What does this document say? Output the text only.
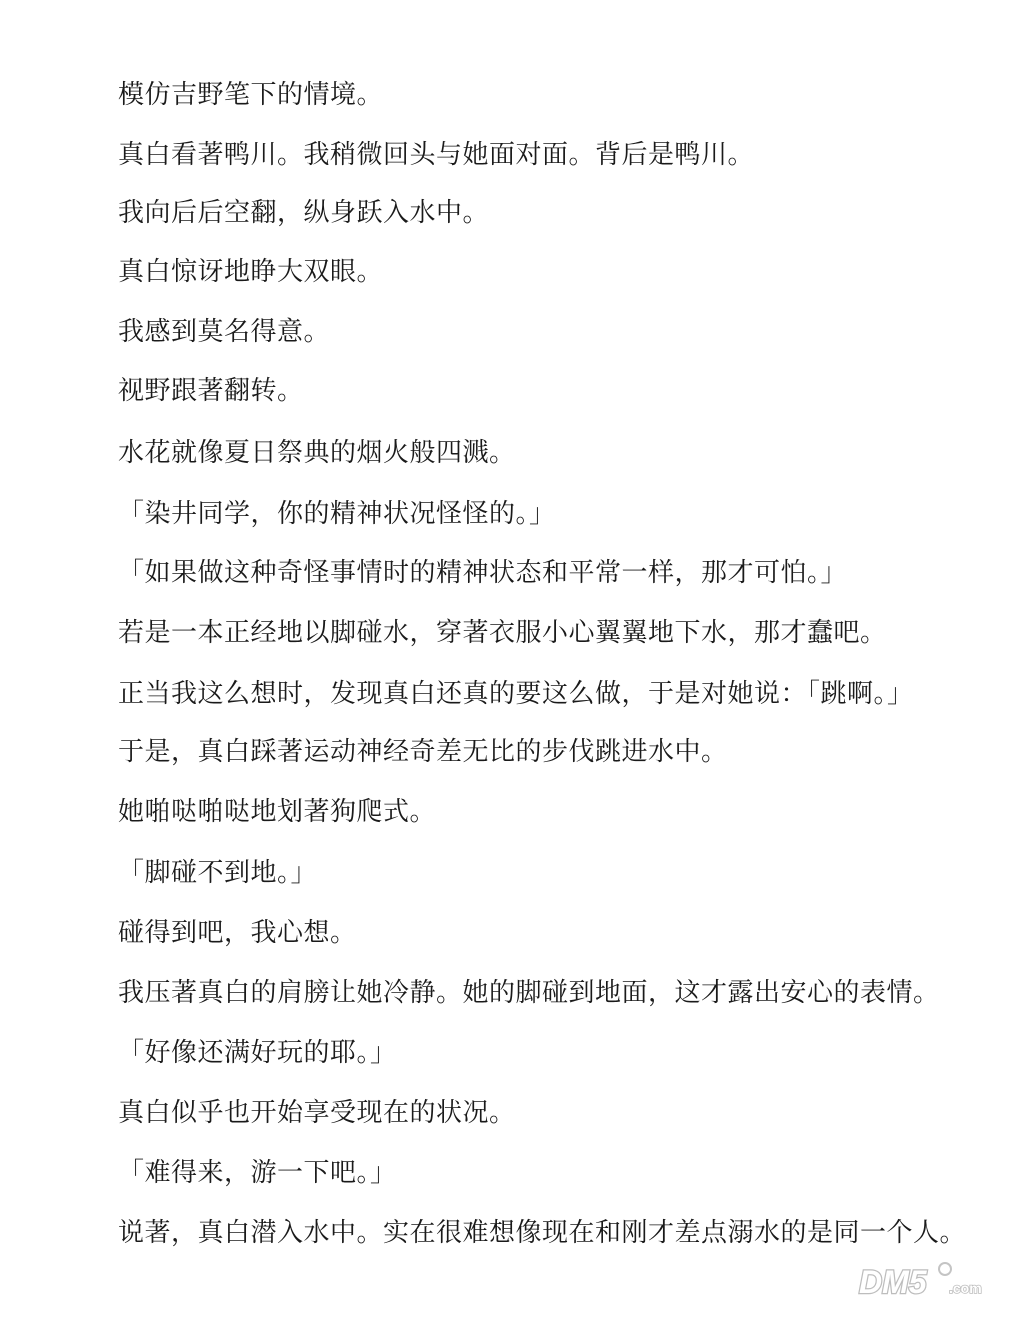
模仿吉野笔下的情境。

真白看著鸭川。我稍微回头与她面对面。背后是鸭川。

我向后后空翻，纵身跃入水中。

真白惊讶地睁大双眼。

我感到莫名得意。

视野跟著翻转。

水花就像夏日祭典的烟火般四溅。

「染井同学，你的精神状况怪怪的。」

「如果做这种奇怪事情时的精神状态和平常一样，那才可怕。」

若是一本正经地以脚碰水，穿著衣服小心翼翼地下水，那才蠢吧。

正当我这么想时，发现真白还真的要这么做，于是对她说：「跳啊。」

于是，真白踩著运动神经奇差无比的步伐跳进水中。

她啪哒啪哒地划著狗爬式。

「脚碰不到地。」

碰得到吧，我心想。

我压著真白的肩膀让她冷静。她的脚碰到地面，这才露出安心的表情。

「好像还满好玩的耶。」

真白似乎也开始享受现在的状况。

「难得来，游一下吧。」

说著，真白潜入水中。实在很难想像现在和刚才差点溺水的是同一个人。

DM5 .com
